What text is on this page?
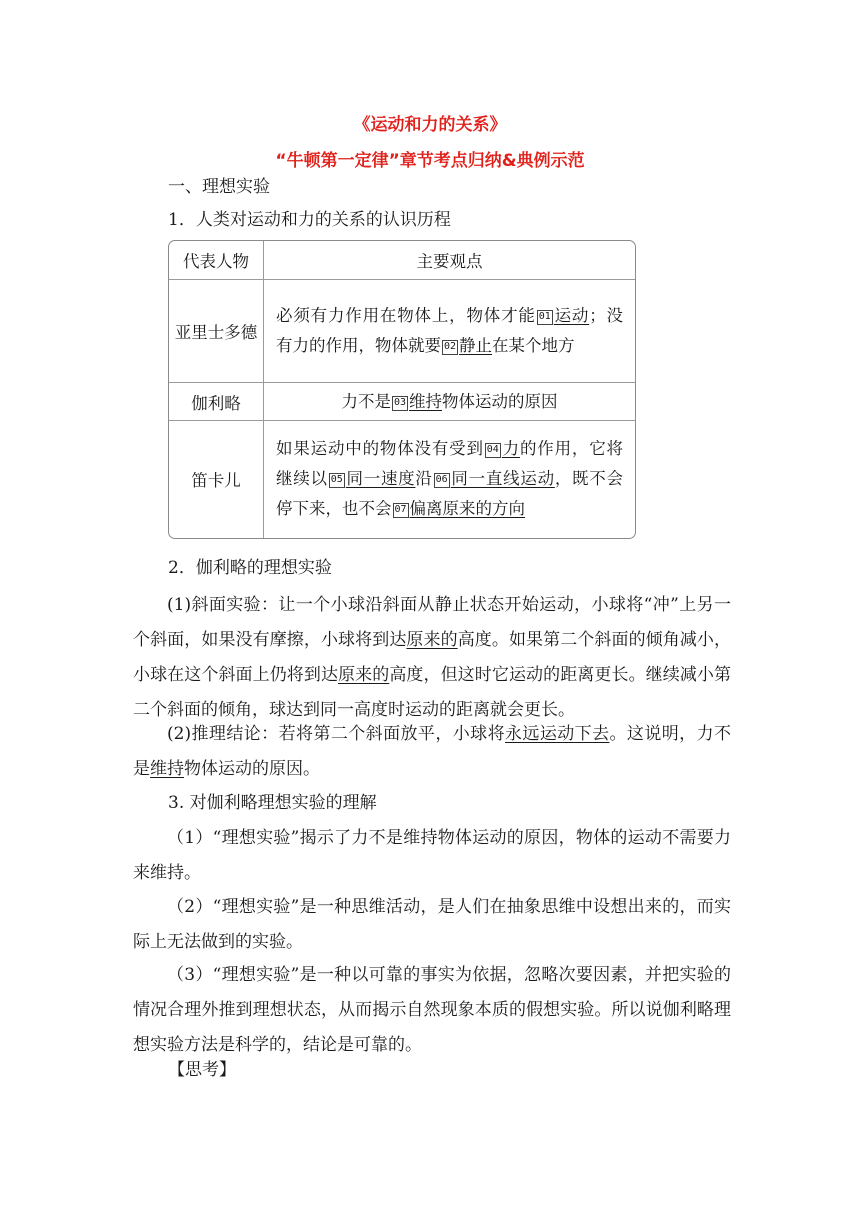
《运动和力的关系》
“牛顿第一定律”章节考点归纳&典例示范
一、理想实验
1．人类对运动和力的关系的认识历程
代表人物	主要观点
亚里士多德	必须有力作用在物体上，物体才能 01 运动；没有力的作用，物体就要 02 静止在某个地方
伽利略	力不是 03 维持物体运动的原因
笛卡儿	如果运动中的物体没有受到 04 力的作用，它将继续以 05 同一速度沿 06 同一直线运动，既不会停下来，也不会 07 偏离原来的方向
2．伽利略的理想实验
(1)斜面实验：让一个小球沿斜面从静止状态开始运动，小球将“冲”上另一个斜面，如果没有摩擦，小球将到达原来的高度。如果第二个斜面的倾角减小，小球在这个斜面上仍将到达原来的高度，但这时它运动的距离更长。继续减小第二个斜面的倾角，球达到同一高度时运动的距离就会更长。
(2)推理结论：若将第二个斜面放平，小球将永远运动下去。这说明，力不是维持物体运动的原因。
3. 对伽利略理想实验的理解
（1）“理想实验”揭示了力不是维持物体运动的原因，物体的运动不需要力来维持。
（2）“理想实验”是一种思维活动，是人们在抽象思维中设想出来的，而实际上无法做到的实验。
（3）“理想实验”是一种以可靠的事实为依据，忽略次要因素，并把实验的情况合理外推到理想状态，从而揭示自然现象本质的假想实验。所以说伽利略理想实验方法是科学的，结论是可靠的。
【思考】
